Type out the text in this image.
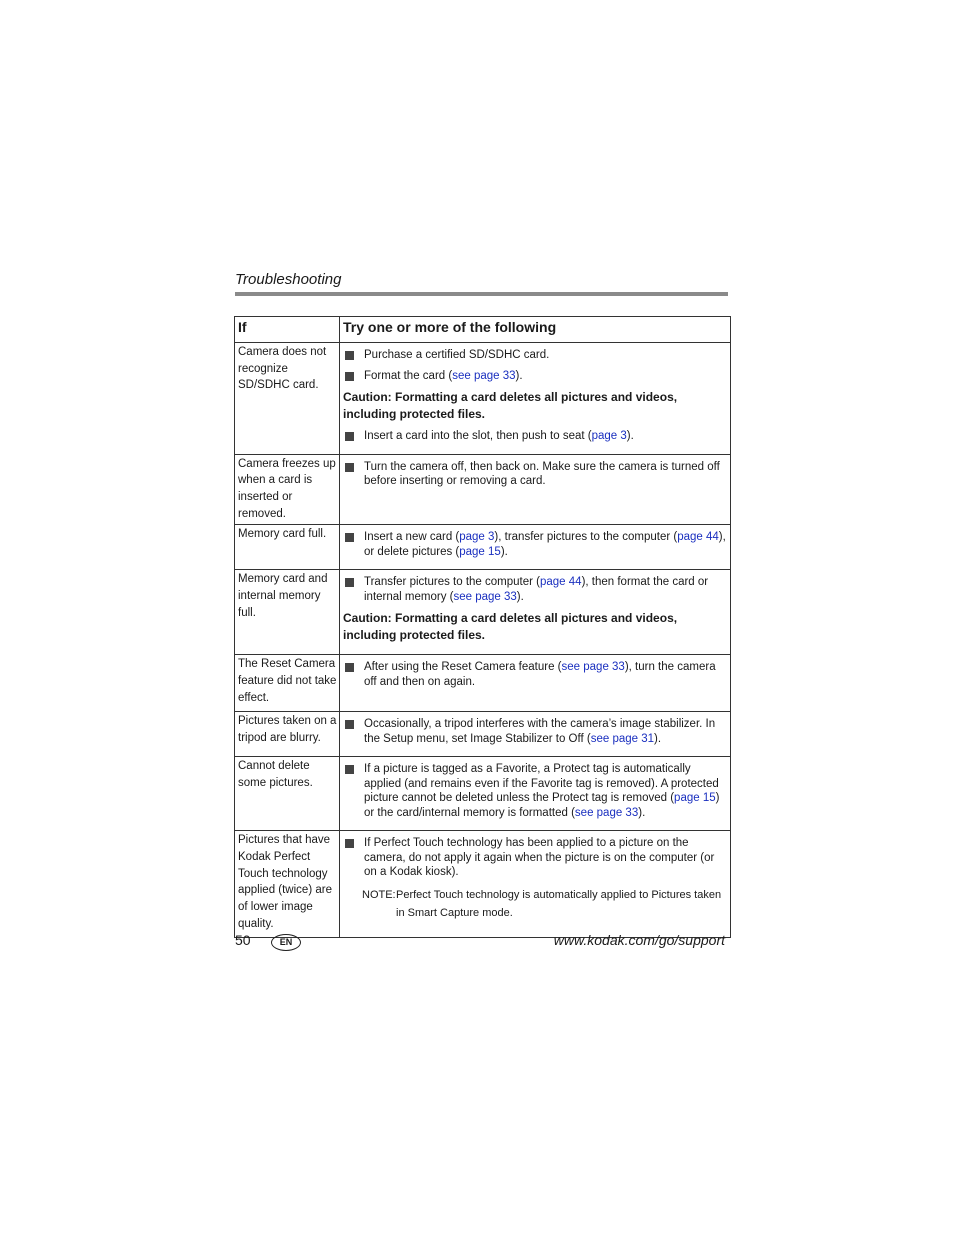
Troubleshooting
If	Try one or more of the following
Camera does not recognize SD/SDHC card.	Purchase a certified SD/SDHC card.
Format the card (see page 33).
Caution: Formatting a card deletes all pictures and videos, including protected files.
Insert a card into the slot, then push to seat (page 3).

Camera freezes up when a card is inserted or removed.	Turn the camera off, then back on. Make sure the camera is turned off before inserting or removing a card.

Memory card full.	Insert a new card (page 3), transfer pictures to the computer (page 44), or delete pictures (page 15).

Memory card and internal memory full.	Transfer pictures to the computer (page 44), then format the card or internal memory (see page 33).
Caution: Formatting a card deletes all pictures and videos, including protected files.

The Reset Camera feature did not take effect.	After using the Reset Camera feature (see page 33), turn the camera off and then on again.

Pictures taken on a tripod are blurry.	Occasionally, a tripod interferes with the camera’s image stabilizer. In the Setup menu, set Image Stabilizer to Off (see page 31).

Cannot delete some pictures.	If a picture is tagged as a Favorite, a Protect tag is automatically applied (and remains even if the Favorite tag is removed). A protected picture cannot be deleted unless the Protect tag is removed (page 15) or the card/internal memory is formatted (see page 33).

Pictures that have Kodak Perfect Touch technology applied (twice) are of lower image quality.	If Perfect Touch technology has been applied to a picture on the camera, do not apply it again when the picture is on the computer (or on a Kodak kiosk).
NOTE: Perfect Touch technology is automatically applied to Pictures taken in Smart Capture mode.
50	EN	www.kodak.com/go/support
